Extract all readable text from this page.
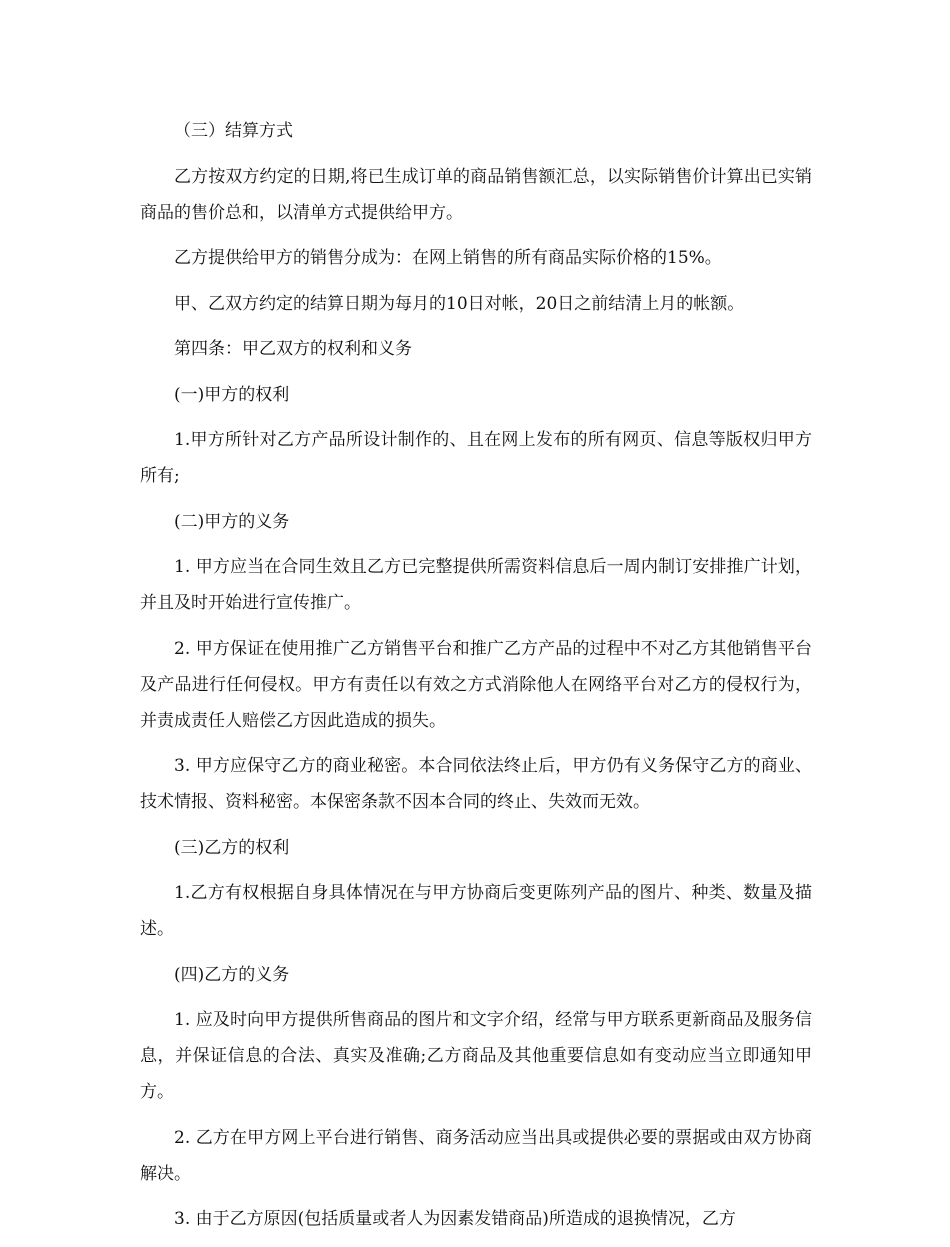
（三）结算方式

乙方按双方约定的日期,将已生成订单的商品销售额汇总，以实际销售价计算出已实销商品的售价总和，以清单方式提供给甲方。

乙方提供给甲方的销售分成为：在网上销售的所有商品实际价格的15%。

甲、乙双方约定的结算日期为每月的10日对帐，20日之前结清上月的帐额。

第四条：甲乙双方的权利和义务

(一)甲方的权利

1.甲方所针对乙方产品所设计制作的、且在网上发布的所有网页、信息等版权归甲方所有;

(二)甲方的义务

1. 甲方应当在合同生效且乙方已完整提供所需资料信息后一周内制订安排推广计划，并且及时开始进行宣传推广。

2. 甲方保证在使用推广乙方销售平台和推广乙方产品的过程中不对乙方其他销售平台及产品进行任何侵权。甲方有责任以有效之方式消除他人在网络平台对乙方的侵权行为，并责成责任人赔偿乙方因此造成的损失。

3. 甲方应保守乙方的商业秘密。本合同依法终止后，甲方仍有义务保守乙方的商业、技术情报、资料秘密。本保密条款不因本合同的终止、失效而无效。

(三)乙方的权利

1.乙方有权根据自身具体情况在与甲方协商后变更陈列产品的图片、种类、数量及描述。

(四)乙方的义务

1. 应及时向甲方提供所售商品的图片和文字介绍，经常与甲方联系更新商品及服务信息，并保证信息的合法、真实及准确;乙方商品及其他重要信息如有变动应当立即通知甲方。

2. 乙方在甲方网上平台进行销售、商务活动应当出具或提供必要的票据或由双方协商解决。

3. 由于乙方原因(包括质量或者人为因素发错商品)所造成的退换情况，乙方
